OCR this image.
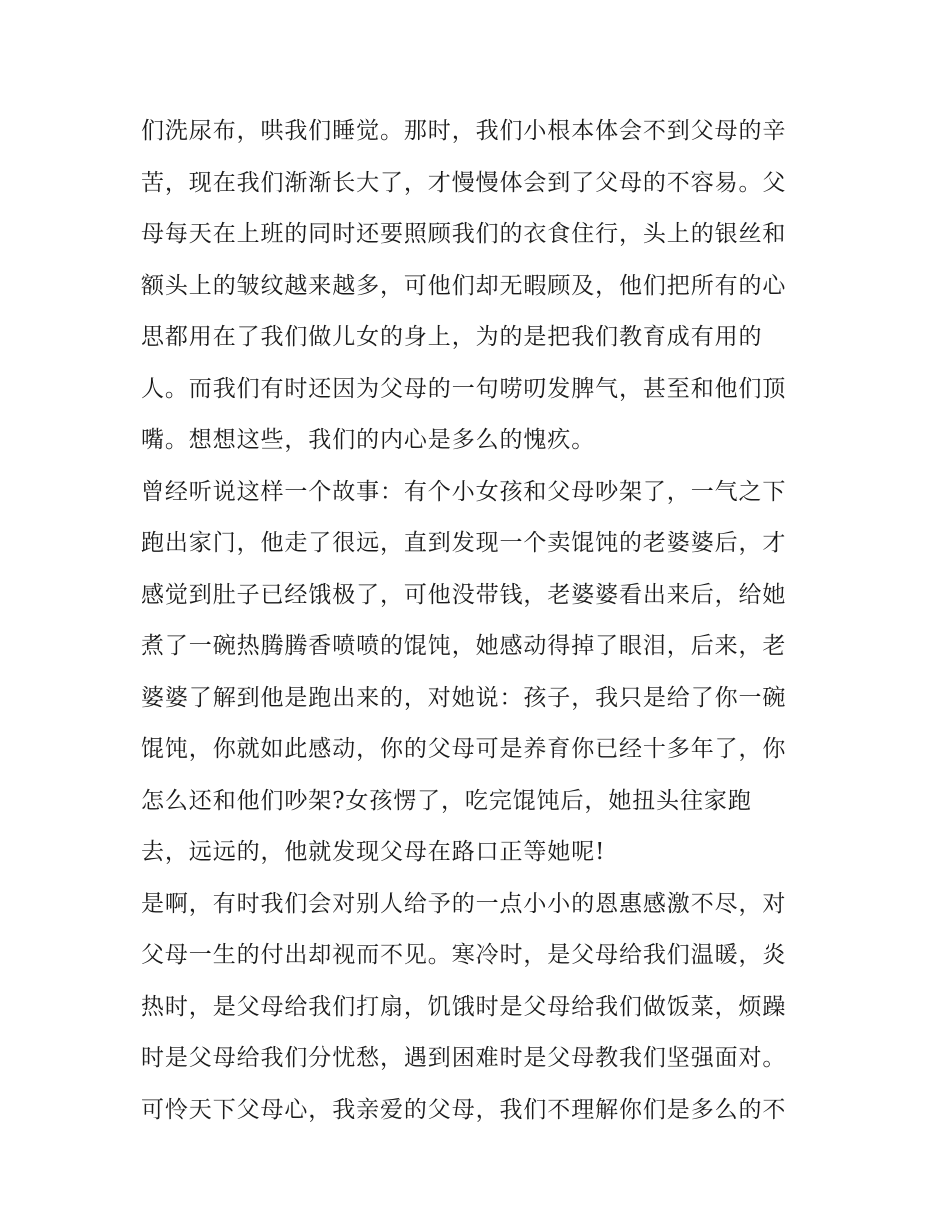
们洗尿布，哄我们睡觉。那时，我们小根本体会不到父母的辛
苦，现在我们渐渐长大了，才慢慢体会到了父母的不容易。父
母每天在上班的同时还要照顾我们的衣食住行，头上的银丝和
额头上的皱纹越来越多，可他们却无暇顾及，他们把所有的心
思都用在了我们做儿女的身上，为的是把我们教育成有用的
人。而我们有时还因为父母的一句唠叨发脾气，甚至和他们顶
嘴。想想这些，我们的内心是多么的愧疚。
曾经听说这样一个故事：有个小女孩和父母吵架了，一气之下
跑出家门，他走了很远，直到发现一个卖馄饨的老婆婆后，才
感觉到肚子已经饿极了，可他没带钱，老婆婆看出来后，给她
煮了一碗热腾腾香喷喷的馄饨，她感动得掉了眼泪，后来，老
婆婆了解到他是跑出来的，对她说：孩子，我只是给了你一碗
馄饨，你就如此感动，你的父母可是养育你已经十多年了，你
怎么还和他们吵架?女孩愣了，吃完馄饨后，她扭头往家跑
去，远远的，他就发现父母在路口正等她呢!
是啊，有时我们会对别人给予的一点小小的恩惠感激不尽，对
父母一生的付出却视而不见。寒冷时，是父母给我们温暖，炎
热时，是父母给我们打扇，饥饿时是父母给我们做饭菜，烦躁
时是父母给我们分忧愁，遇到困难时是父母教我们坚强面对。
可怜天下父母心，我亲爱的父母，我们不理解你们是多么的不
